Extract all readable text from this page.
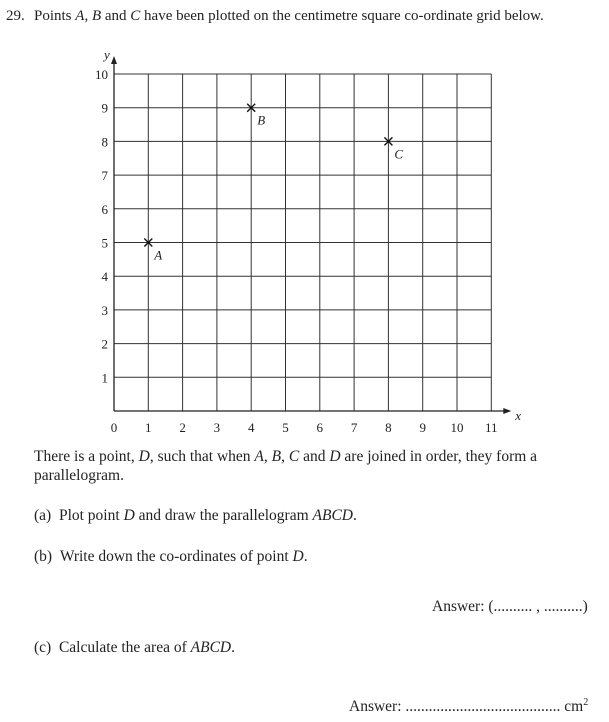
29. Points A, B and C have been plotted on the centimetre square co-ordinate grid below.
x
y
0 1 2 3 4 5 6 7 8 9 10 11
1
2
3
4
5
6
7
8
9
10
A
B
C
There is a point, D, such that when A, B, C and D are joined in order, they form a parallelogram.
(a) Plot point D and draw the parallelogram ABCD.
(b) Write down the co-ordinates of point D.
Answer: (.......... , ..........)
(c) Calculate the area of ABCD.
Answer: ........................................ $cm^2$
